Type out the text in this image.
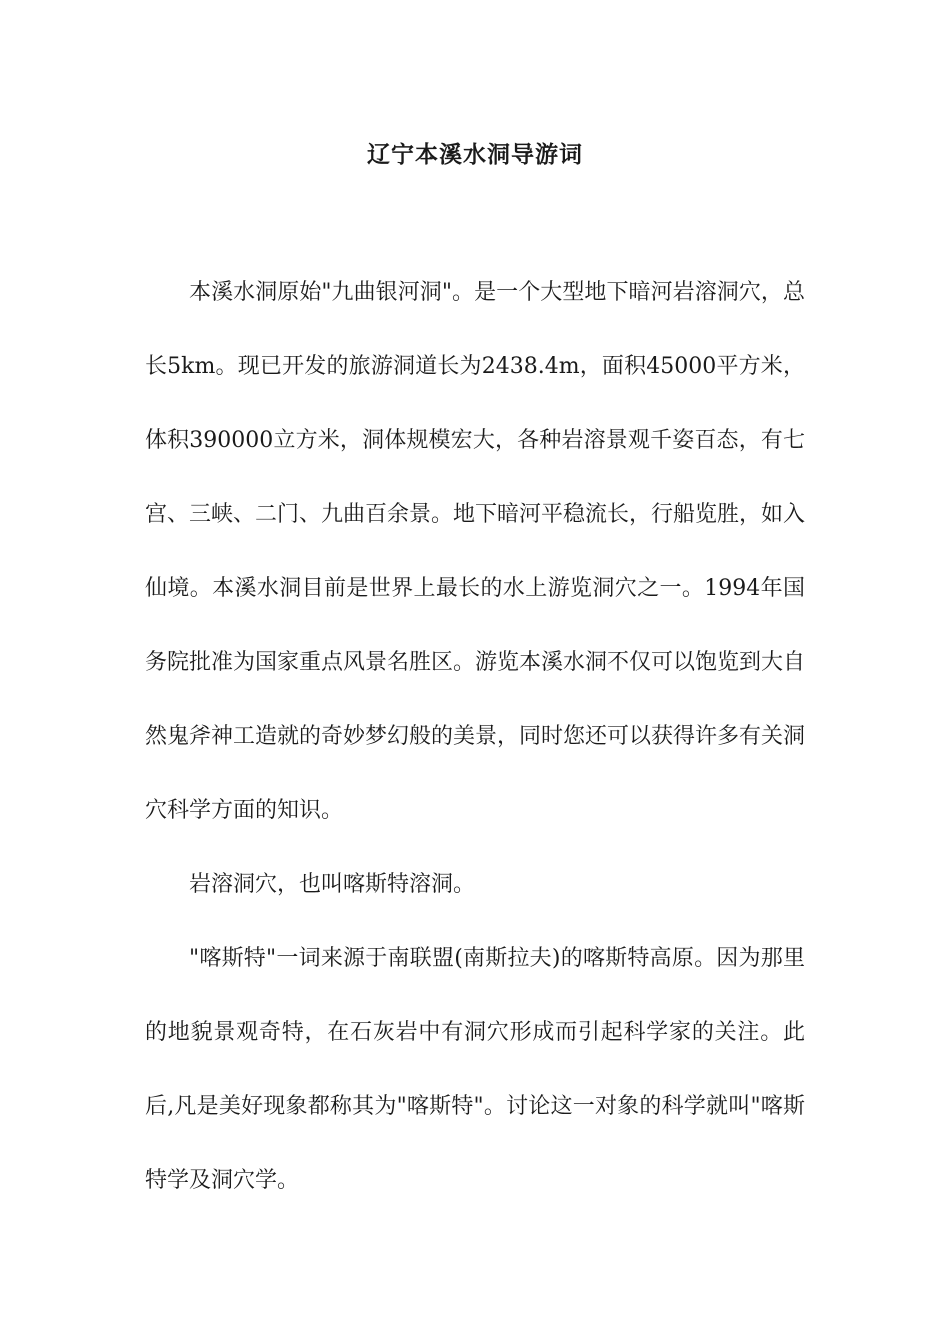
辽宁本溪水洞导游词

本溪水洞原始"九曲银河洞"。是一个大型地下暗河岩溶洞穴，总长5km。现已开发的旅游洞道长为2438.4m，面积45000平方米，体积390000立方米，洞体规模宏大，各种岩溶景观千姿百态，有七宫、三峡、二门、九曲百余景。地下暗河平稳流长，行船览胜，如入仙境。本溪水洞目前是世界上最长的水上游览洞穴之一。1994年国务院批准为国家重点风景名胜区。游览本溪水洞不仅可以饱览到大自然鬼斧神工造就的奇妙梦幻般的美景，同时您还可以获得许多有关洞穴科学方面的知识。

岩溶洞穴，也叫喀斯特溶洞。

"喀斯特"一词来源于南联盟(南斯拉夫)的喀斯特高原。因为那里的地貌景观奇特，在石灰岩中有洞穴形成而引起科学家的关注。此后,凡是美好现象都称其为"喀斯特"。讨论这一对象的科学就叫"喀斯特学及洞穴学。
